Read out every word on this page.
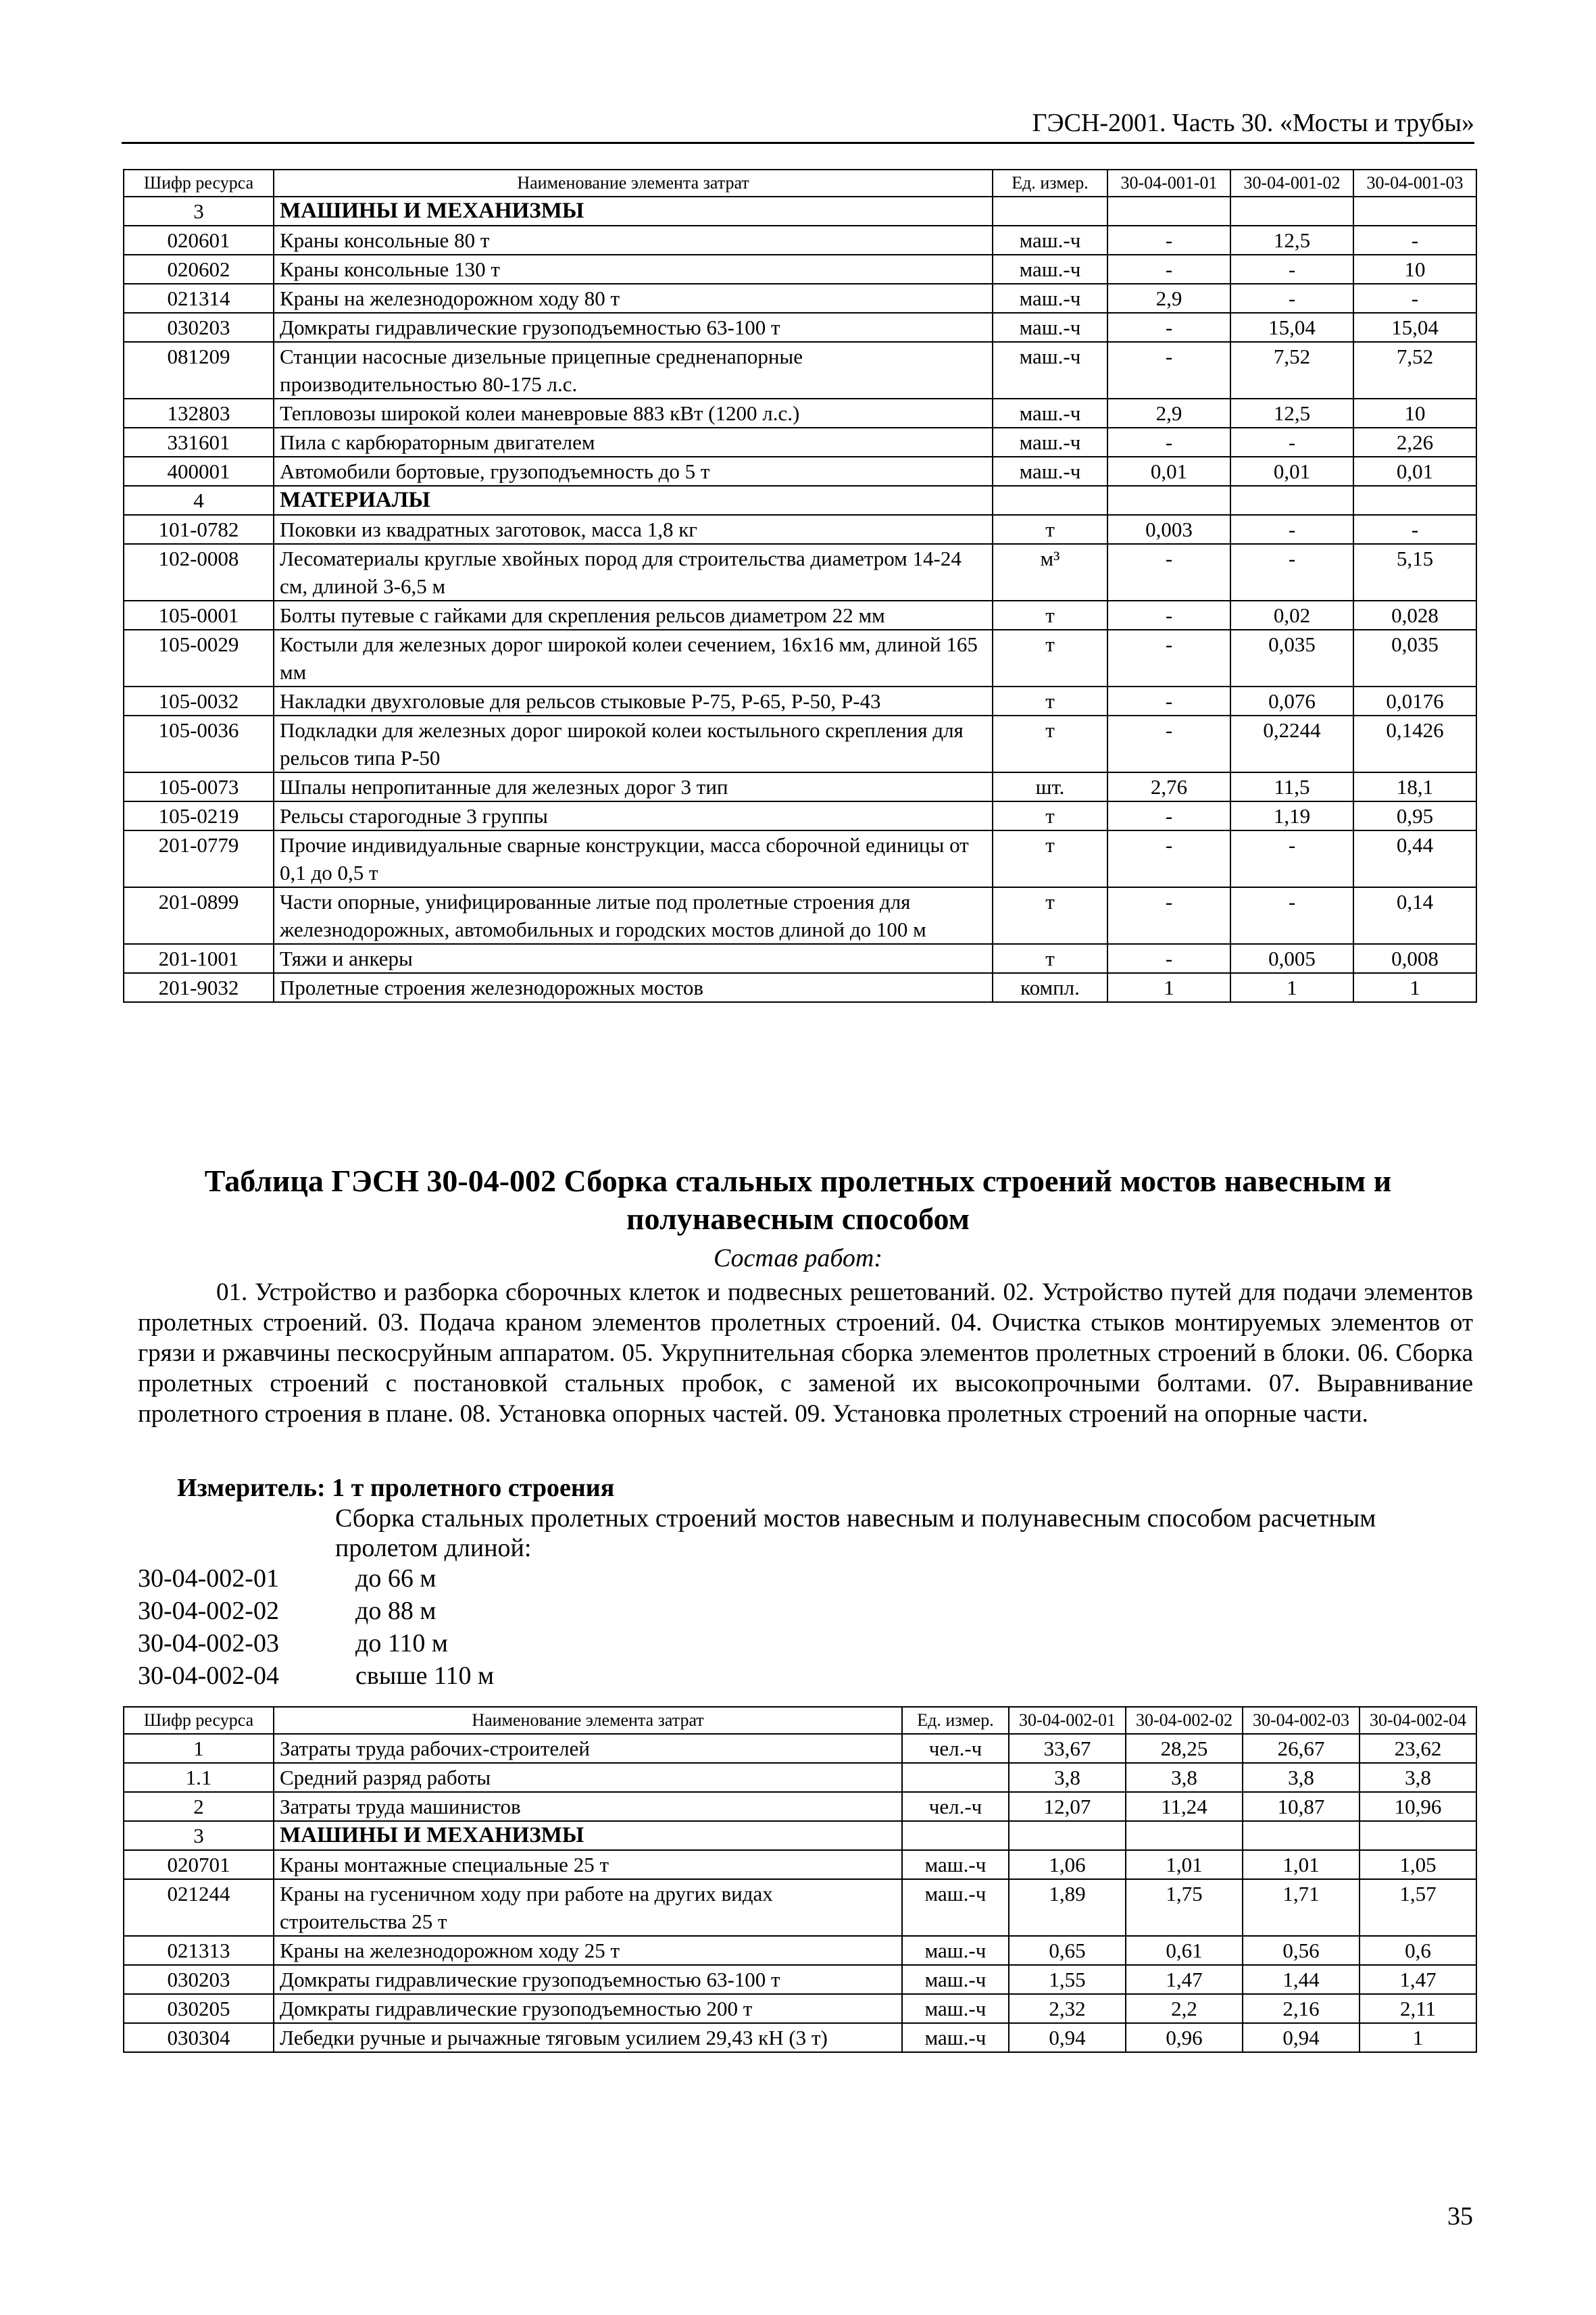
ГЭСН-2001. Часть 30. «Мосты и трубы»
Шифр ресурса	Наименование элемента затрат	Ед. измер.	30-04-001-01	30-04-001-02	30-04-001-03
3	МАШИНЫ И МЕХАНИЗМЫ				
020601	Краны консольные 80 т	маш.-ч	-	12,5	-
020602	Краны консольные 130 т	маш.-ч	-	-	10
021314	Краны на железнодорожном ходу 80 т	маш.-ч	2,9	-	-
030203	Домкраты гидравлические грузоподъемностью 63-100 т	маш.-ч	-	15,04	15,04
081209	Станции насосные дизельные прицепные средненапорные производительностью 80-175 л.с.	маш.-ч	-	7,52	7,52
132803	Тепловозы широкой колеи маневровые 883 кВт (1200 л.с.)	маш.-ч	2,9	12,5	10
331601	Пила с карбюраторным двигателем	маш.-ч	-	-	2,26
400001	Автомобили бортовые, грузоподъемность до 5 т	маш.-ч	0,01	0,01	0,01
4	МАТЕРИАЛЫ				
101-0782	Поковки из квадратных заготовок, масса 1,8 кг	т	0,003	-	-
102-0008	Лесоматериалы круглые хвойных пород для строительства диаметром 14-24 см, длиной 3-6,5 м	м³	-	-	5,15
105-0001	Болты путевые с гайками для скрепления рельсов диаметром 22 мм	т	-	0,02	0,028
105-0029	Костыли для железных дорог широкой колеи сечением, 16х16 мм, длиной 165 мм	т	-	0,035	0,035
105-0032	Накладки двухголовые для рельсов стыковые Р-75, Р-65, Р-50, Р-43	т	-	0,076	0,0176
105-0036	Подкладки для железных дорог широкой колеи костыльного скрепления для рельсов типа Р-50	т	-	0,2244	0,1426
105-0073	Шпалы непропитанные для железных дорог 3 тип	шт.	2,76	11,5	18,1
105-0219	Рельсы старогодные 3 группы	т	-	1,19	0,95
201-0779	Прочие индивидуальные сварные конструкции, масса сборочной единицы от 0,1 до 0,5 т	т	-	-	0,44
201-0899	Части опорные, унифицированные литые под пролетные строения для железнодорожных, автомобильных и городских мостов длиной до 100 м	т	-	-	0,14
201-1001	Тяжи и анкеры	т	-	0,005	0,008
201-9032	Пролетные строения железнодорожных мостов	компл.	1	1	1
Таблица ГЭСН 30-04-002 Сборка стальных пролетных строений мостов навесным и полунавесным способом
Состав работ:
01. Устройство и разборка сборочных клеток и подвесных решетований. 02. Устройство путей для подачи элементов пролетных строений. 03. Подача краном элементов пролетных строений. 04. Очистка стыков монтируемых элементов от грязи и ржавчины пескосруйным аппаратом. 05. Укрупнительная сборка элементов пролетных строений в блоки. 06. Сборка пролетных строений с постановкой стальных пробок, с заменой их высокопрочными болтами. 07. Выравнивание пролетного строения в плане. 08. Установка опорных частей. 09. Установка пролетных строений на опорные части.
Измеритель: 1 т пролетного строения
Сборка стальных пролетных строений мостов навесным и полунавесным способом расчетным пролетом длиной:
30-04-002-01	до 66 м
30-04-002-02	до 88 м
30-04-002-03	до 110 м
30-04-002-04	свыше 110 м
Шифр ресурса	Наименование элемента затрат	Ед. измер.	30-04-002-01	30-04-002-02	30-04-002-03	30-04-002-04
1	Затраты труда рабочих-строителей	чел.-ч	33,67	28,25	26,67	23,62
1.1	Средний разряд работы		3,8	3,8	3,8	3,8
2	Затраты труда машинистов	чел.-ч	12,07	11,24	10,87	10,96
3	МАШИНЫ И МЕХАНИЗМЫ					
020701	Краны монтажные специальные 25 т	маш.-ч	1,06	1,01	1,01	1,05
021244	Краны на гусеничном ходу при работе на других видах строительства 25 т	маш.-ч	1,89	1,75	1,71	1,57
021313	Краны на железнодорожном ходу 25 т	маш.-ч	0,65	0,61	0,56	0,6
030203	Домкраты гидравлические грузоподъемностью 63-100 т	маш.-ч	1,55	1,47	1,44	1,47
030205	Домкраты гидравлические грузоподъемностью 200 т	маш.-ч	2,32	2,2	2,16	2,11
030304	Лебедки ручные и рычажные тяговым усилием 29,43 кН (3 т)	маш.-ч	0,94	0,96	0,94	1
35
